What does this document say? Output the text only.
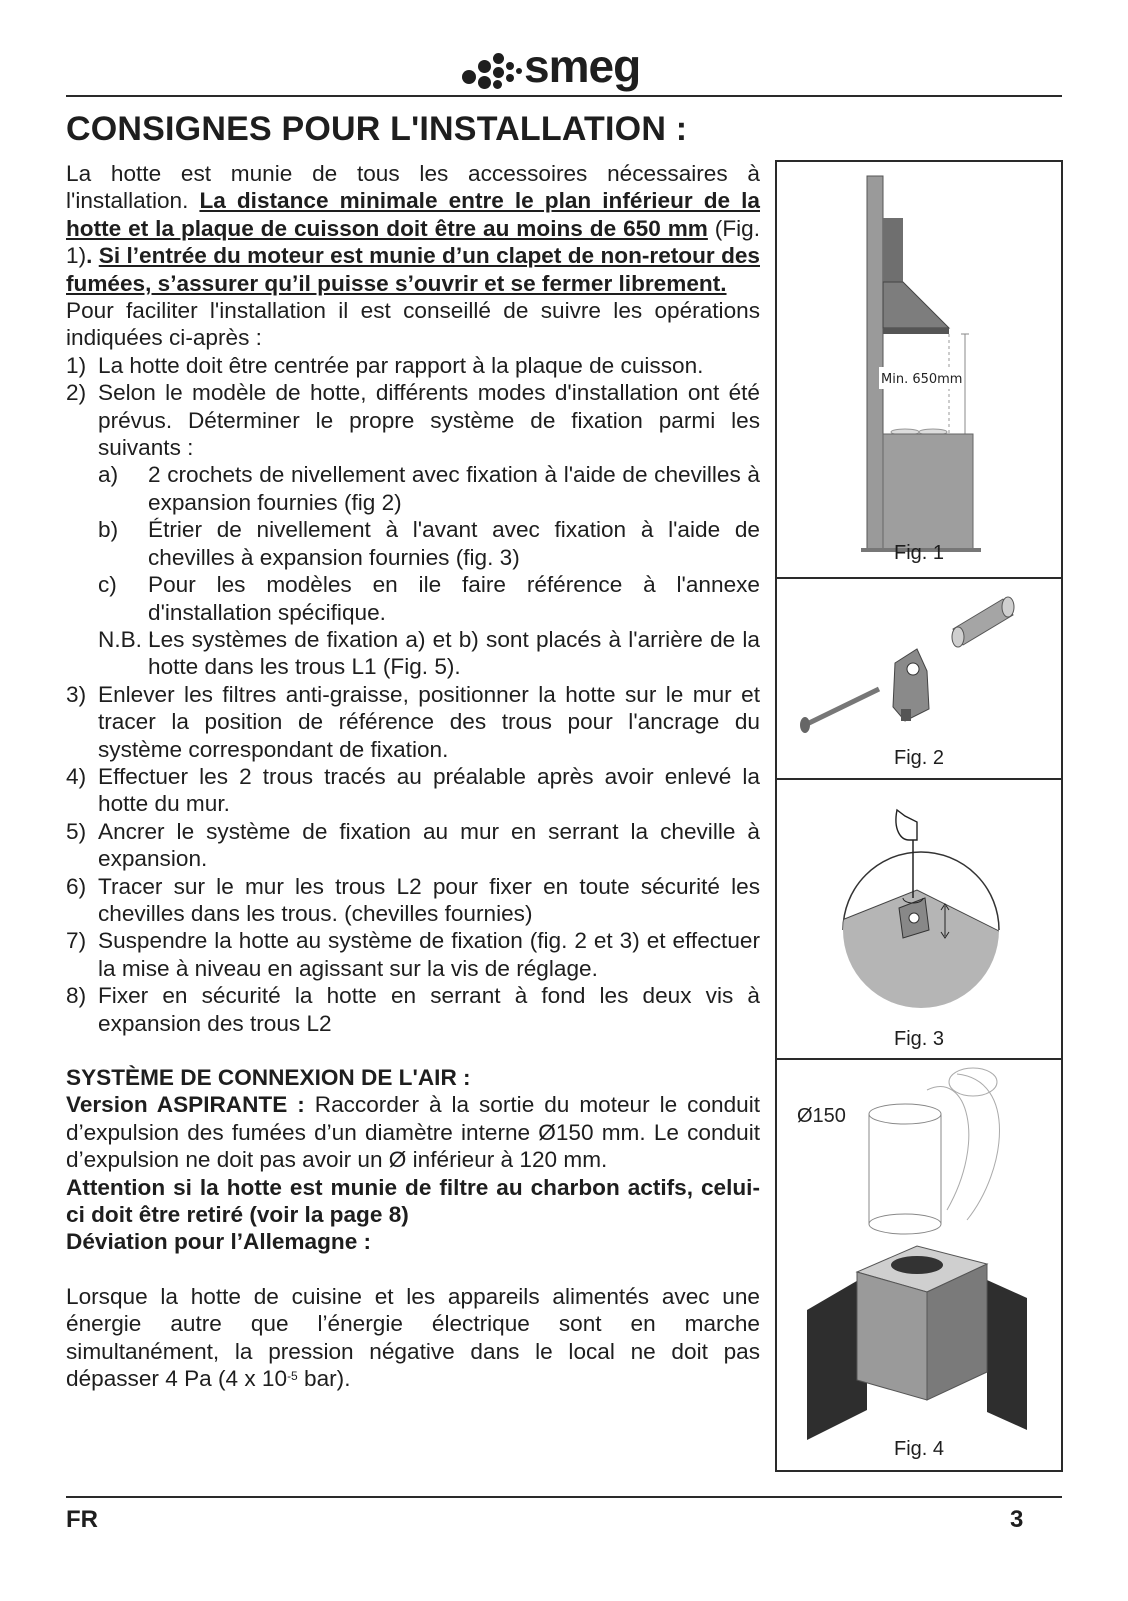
smeg
CONSIGNES POUR L'INSTALLATION :

La hotte est munie de tous les accessoires nécessaires à l'installation. La distance minimale entre le plan inférieur de la hotte et la plaque de cuisson doit être au moins de 650 mm (Fig. 1). Si l’entrée du moteur est munie d’un clapet de non-retour des fumées, s’assurer qu’il puisse s’ouvrir et se fermer librement.

Pour faciliter l'installation il est conseillé de suivre les opérations indiquées ci-après :

1) La hotte doit être centrée par rapport à la plaque de cuisson.
2) Selon le modèle de hotte, différents modes d'installation ont été prévus. Déterminer le propre système de fixation parmi les suivants :
a) 2 crochets de nivellement avec fixation à l'aide de chevilles à expansion fournies (fig 2)
b) Étrier de nivellement à l'avant avec fixation à l'aide de chevilles à expansion fournies (fig. 3)
c) Pour les modèles en ile faire référence à l'annexe d'installation spécifique.
N.B. :
Les systèmes de fixation a) et b) sont placés à l'arrière de la hotte dans les trous L1 (Fig. 5).
3) Enlever les filtres anti-graisse, positionner la hotte sur le mur et tracer la position de référence des trous pour l'ancrage du système correspondant de fixation.
4) Effectuer les 2 trous tracés au préalable après avoir enlevé la hotte du mur.
5) Ancrer le système de fixation au mur en serrant la cheville à expansion.
6) Tracer sur le mur les trous L2 pour fixer en toute sécurité les chevilles dans les trous. (chevilles fournies)
7) Suspendre la hotte au système de fixation (fig. 2 et 3) et effectuer la mise à niveau en agissant sur la vis de réglage.
8) Fixer en sécurité la hotte en serrant à fond les deux vis à expansion des trous L2

SYSTÈME DE CONNEXION DE L'AIR :

Version ASPIRANTE : Raccorder à la sortie du moteur le conduit d’expulsion des fumées d’un diamètre interne Ø150 mm. Le conduit d’expulsion ne doit pas avoir un Ø inférieur à 120 mm.

Attention si la hotte est munie de filtre au charbon actifs, celui-ci doit être retiré (voir la page 8)

Déviation pour l’Allemagne :

Lorsque la hotte de cuisine et les appareils alimentés avec une énergie autre que l’énergie électrique sont en marche simultanément, la pression négative dans le local ne doit pas dépasser 4 Pa (4 x $10^{-5}$ bar).

Min. 650mm
Fig. 1
Fig. 2
Fig. 3
Ø150
Fig. 4
FR	3
